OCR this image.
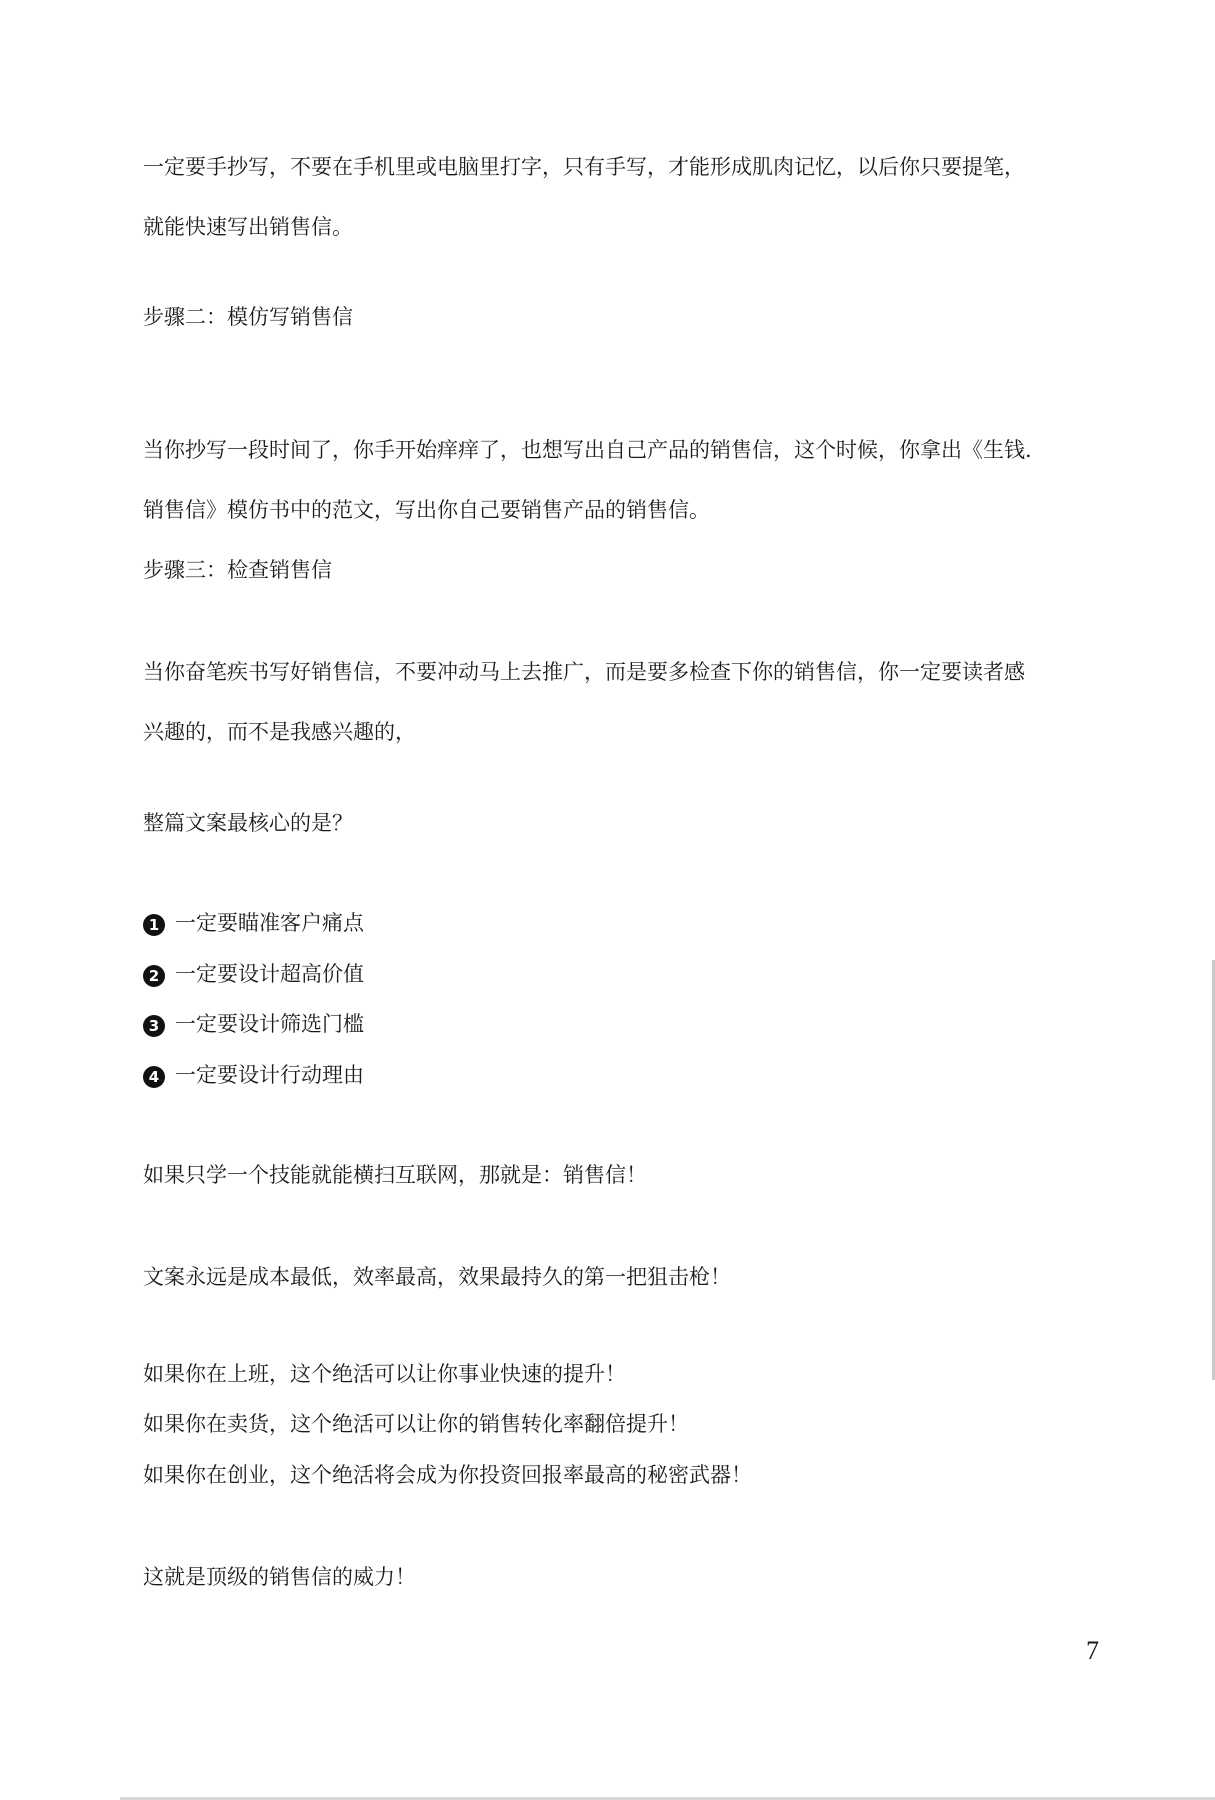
一定要手抄写，不要在手机里或电脑里打字，只有手写，才能形成肌肉记忆，以后你只要提笔，就能快速写出销售信。
步骤二：模仿写销售信
当你抄写一段时间了，你手开始痒痒了，也想写出自己产品的销售信，这个时候，你拿出《生钱.销售信》模仿书中的范文，写出你自己要销售产品的销售信。
步骤三：检查销售信
当你奋笔疾书写好销售信，不要冲动马上去推广，而是要多检查下你的销售信，你一定要读者感兴趣的，而不是我感兴趣的，
整篇文案最核心的是？
1 一定要瞄准客户痛点
2 一定要设计超高价值
3 一定要设计筛选门槛
4 一定要设计行动理由
如果只学一个技能就能横扫互联网，那就是：销售信！
文案永远是成本最低，效率最高，效果最持久的第一把狙击枪！
如果你在上班，这个绝活可以让你事业快速的提升！
如果你在卖货，这个绝活可以让你的销售转化率翻倍提升！
如果你在创业，这个绝活将会成为你投资回报率最高的秘密武器！
这就是顶级的销售信的威力！
7
